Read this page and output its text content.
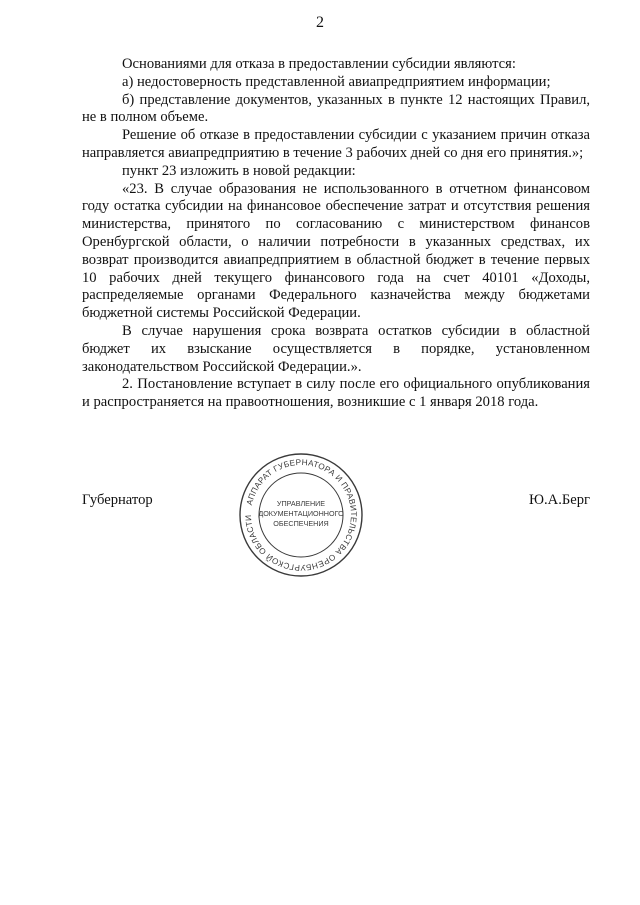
2

Основаниями для отказа в предоставлении субсидии являются:

а) недостоверность представленной авиапредприятием информации;

б) представление документов, указанных в пункте 12 настоящих Правил, не в полном объеме.

Решение об отказе в предоставлении субсидии с указанием причин отказа направляется авиапредприятию в течение 3 рабочих дней со дня его принятия.»;

пункт 23 изложить в новой редакции:

«23. В случае образования не использованного в отчетном финансовом году остатка субсидии на финансовое обеспечение затрат и отсутствия решения министерства, принятого по согласованию с министерством финансов Оренбургской области, о наличии потребности в указанных средствах, их возврат производится авиапредприятием в областной бюджет в течение первых 10 рабочих дней текущего финансового года на счет 40101 «Доходы, распределяемые органами Федерального казначейства между бюджетами бюджетной системы Российской Федерации.

В случае нарушения срока возврата остатков субсидии в областной бюджет их взыскание осуществляется в порядке, установленном законодательством Российской Федерации.».

2. Постановление вступает в силу после его официального опубликования и распространяется на правоотношения, возникшие с 1 января 2018 года.

Губернатор	Ю.А.Берг
АППАРАТ ГУБЕРНАТОРА И ПРАВИТЕЛЬСТВА ОРЕНБУРГСКОЙ ОБЛАСТИ
УПРАВЛЕНИЕ
ДОКУМЕНТАЦИОННОГО
ОБЕСПЕЧЕНИЯ
